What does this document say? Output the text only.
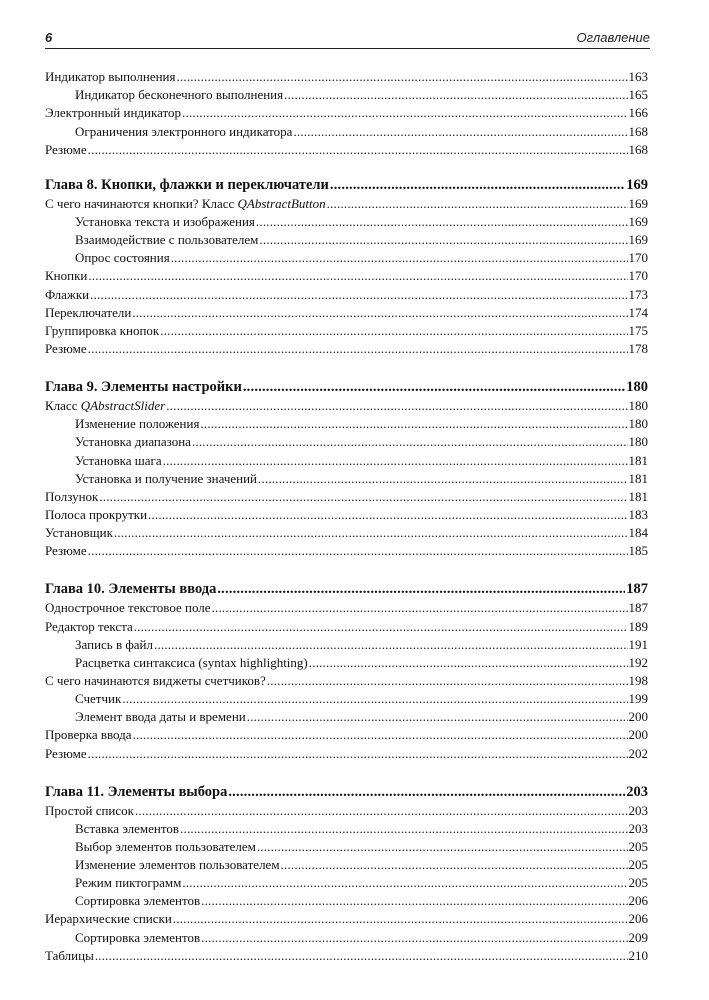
6	Оглавление
Индикатор выполнения .....	163
Индикатор бесконечного выполнения .....	165
Электронный индикатор .....	166
Ограничения электронного индикатора .....	168
Резюме .....	168
Глава 8. Кнопки, флажки и переключатели .....	169
С чего начинаются кнопки? Класс QAbstractButton .....	169
Установка текста и изображения .....	169
Взаимодействие с пользователем .....	169
Опрос состояния .....	170
Кнопки .....	170
Флажки .....	173
Переключатели .....	174
Группировка кнопок .....	175
Резюме .....	178
Глава 9. Элементы настройки .....	180
Класс QAbstractSlider .....	180
Изменение положения .....	180
Установка диапазона .....	180
Установка шага .....	181
Установка и получение значений .....	181
Ползунок .....	181
Полоса прокрутки .....	183
Установщик .....	184
Резюме .....	185
Глава 10. Элементы ввода .....	187
Однострочное текстовое поле .....	187
Редактор текста .....	189
Запись в файл .....	191
Расцветка синтаксиса (syntax highlighting) .....	192
С чего начинаются виджеты счетчиков? .....	198
Счетчик .....	199
Элемент ввода даты и времени .....	200
Проверка ввода .....	200
Резюме .....	202
Глава 11. Элементы выбора .....	203
Простой список .....	203
Вставка элементов .....	203
Выбор элементов пользователем .....	205
Изменение элементов пользователем .....	205
Режим пиктограмм .....	205
Сортировка элементов .....	206
Иерархические списки .....	206
Сортировка элементов .....	209
Таблицы .....	210
